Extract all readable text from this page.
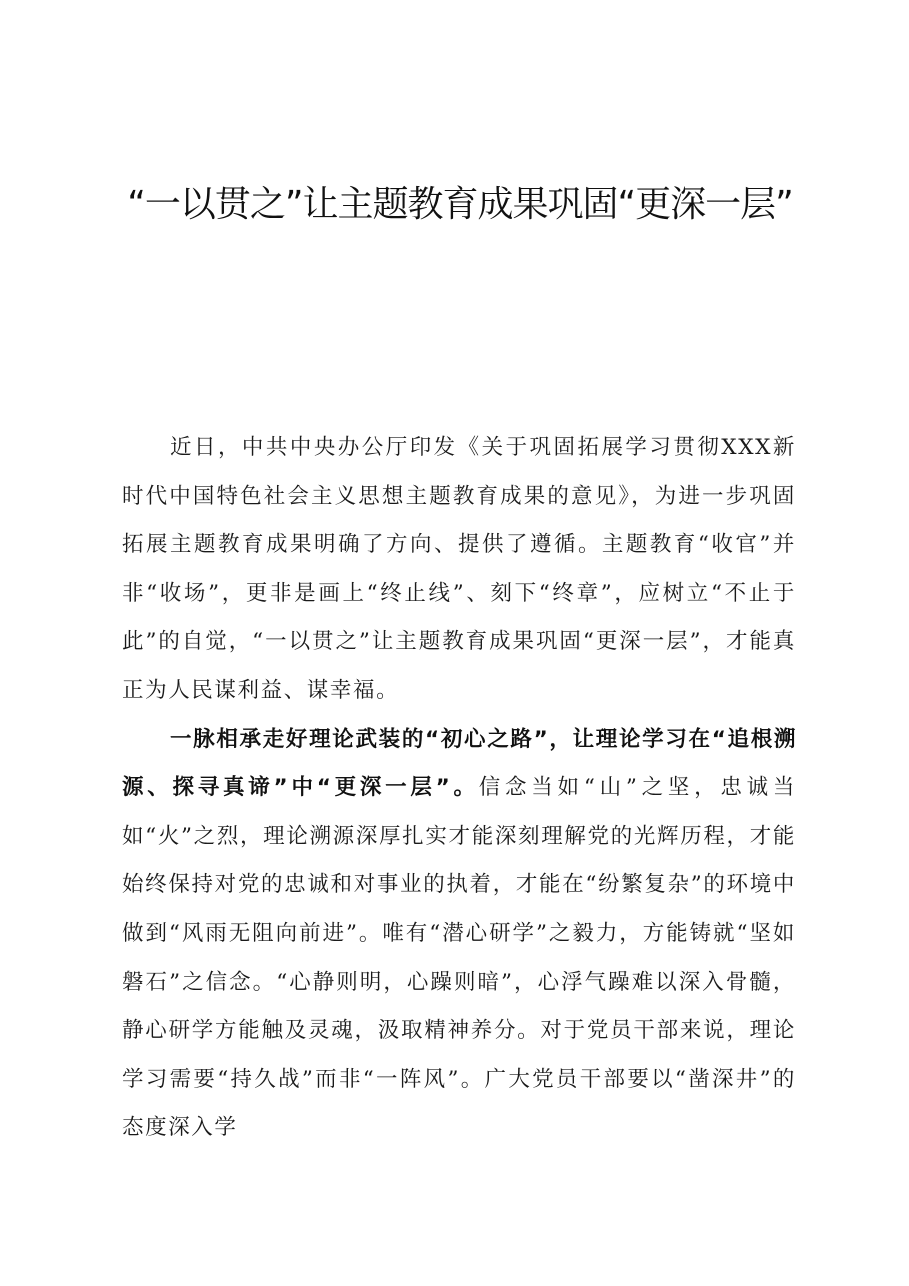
“一以贯之”让主题教育成果巩固“更深一层”

近日，中共中央办公厅印发《关于巩固拓展学习贯彻XXX新时代中国特色社会主义思想主题教育成果的意见》，为进一步巩固拓展主题教育成果明确了方向、提供了遵循。主题教育“收官”并非“收场”，更非是画上“终止线”、刻下“终章”，应树立“不止于此”的自觉，“一以贯之”让主题教育成果巩固“更深一层”，才能真正为人民谋利益、谋幸福。

一脉相承走好理论武装的“初心之路”，让理论学习在“追根溯源、探寻真谛”中“更深一层”。信念当如“山”之坚，忠诚当如“火”之烈，理论溯源深厚扎实才能深刻理解党的光辉历程，才能始终保持对党的忠诚和对事业的执着，才能在“纷繁复杂”的环境中做到“风雨无阻向前进”。唯有“潜心研学”之毅力，方能铸就“坚如磐石”之信念。“心静则明，心躁则暗”，心浮气躁难以深入骨髓，静心研学方能触及灵魂，汲取精神养分。对于党员干部来说，理论学习需要“持久战”而非“一阵风”。广大党员干部要以“凿深井”的态度深入学
